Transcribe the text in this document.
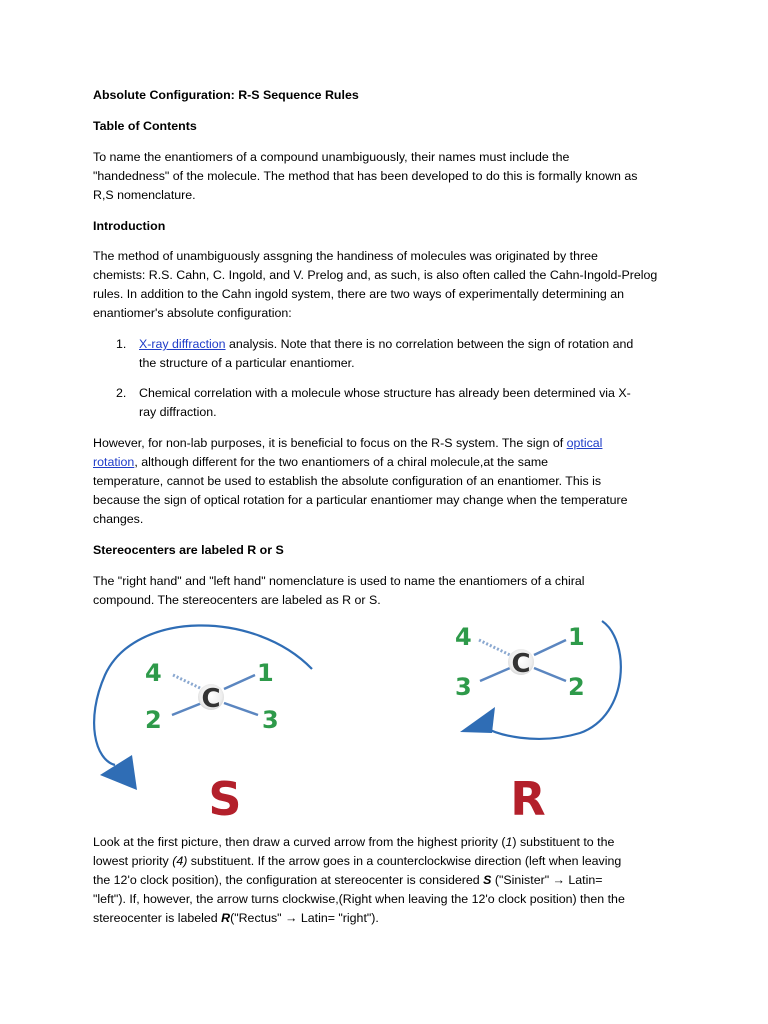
Absolute Configuration: R-S Sequence Rules
Table of Contents
To name the enantiomers of a compound unambiguously, their names must include the
"handedness" of the molecule. The method that has been developed to do this is formally known as
R,S nomenclature.
Introduction
The method of unambiguously assgning the handiness of molecules was originated by three
chemists: R.S. Cahn, C. Ingold, and V. Prelog and, as such, is also often called the Cahn-Ingold-Prelog
rules. In addition to the Cahn ingold system, there are two ways of experimentally determining an
enantiomer's absolute configuration:
1. X-ray diffraction analysis. Note that there is no correlation between the sign of rotation and
the structure of a particular enantiomer.
2. Chemical correlation with a molecule whose structure has already been determined via X-
ray diffraction.
However, for non-lab purposes, it is beneficial to focus on the R-S system. The sign of optical
rotation, although different for the two enantiomers of a chiral molecule,at the same
temperature, cannot be used to establish the absolute configuration of an enantiomer. This is
because the sign of optical rotation for a particular enantiomer may change when the temperature
changes.
Stereocenters are labeled R or S
The "right hand" and "left hand" nomenclature is used to name the enantiomers of a chiral
compound. The stereocenters are labeled as R or S.
C
4	1
2	3
S
C
4	1
3	2
R
Look at the first picture, then draw a curved arrow from the highest priority (1) substituent to the
lowest priority (4) substituent. If the arrow goes in a counterclockwise direction (left when leaving
the 12'o clock position), the configuration at stereocenter is considered S ("Sinister" → Latin=
"left"). If, however, the arrow turns clockwise,(Right when leaving the 12'o clock position) then the
stereocenter is labeled R("Rectus" → Latin= "right").
